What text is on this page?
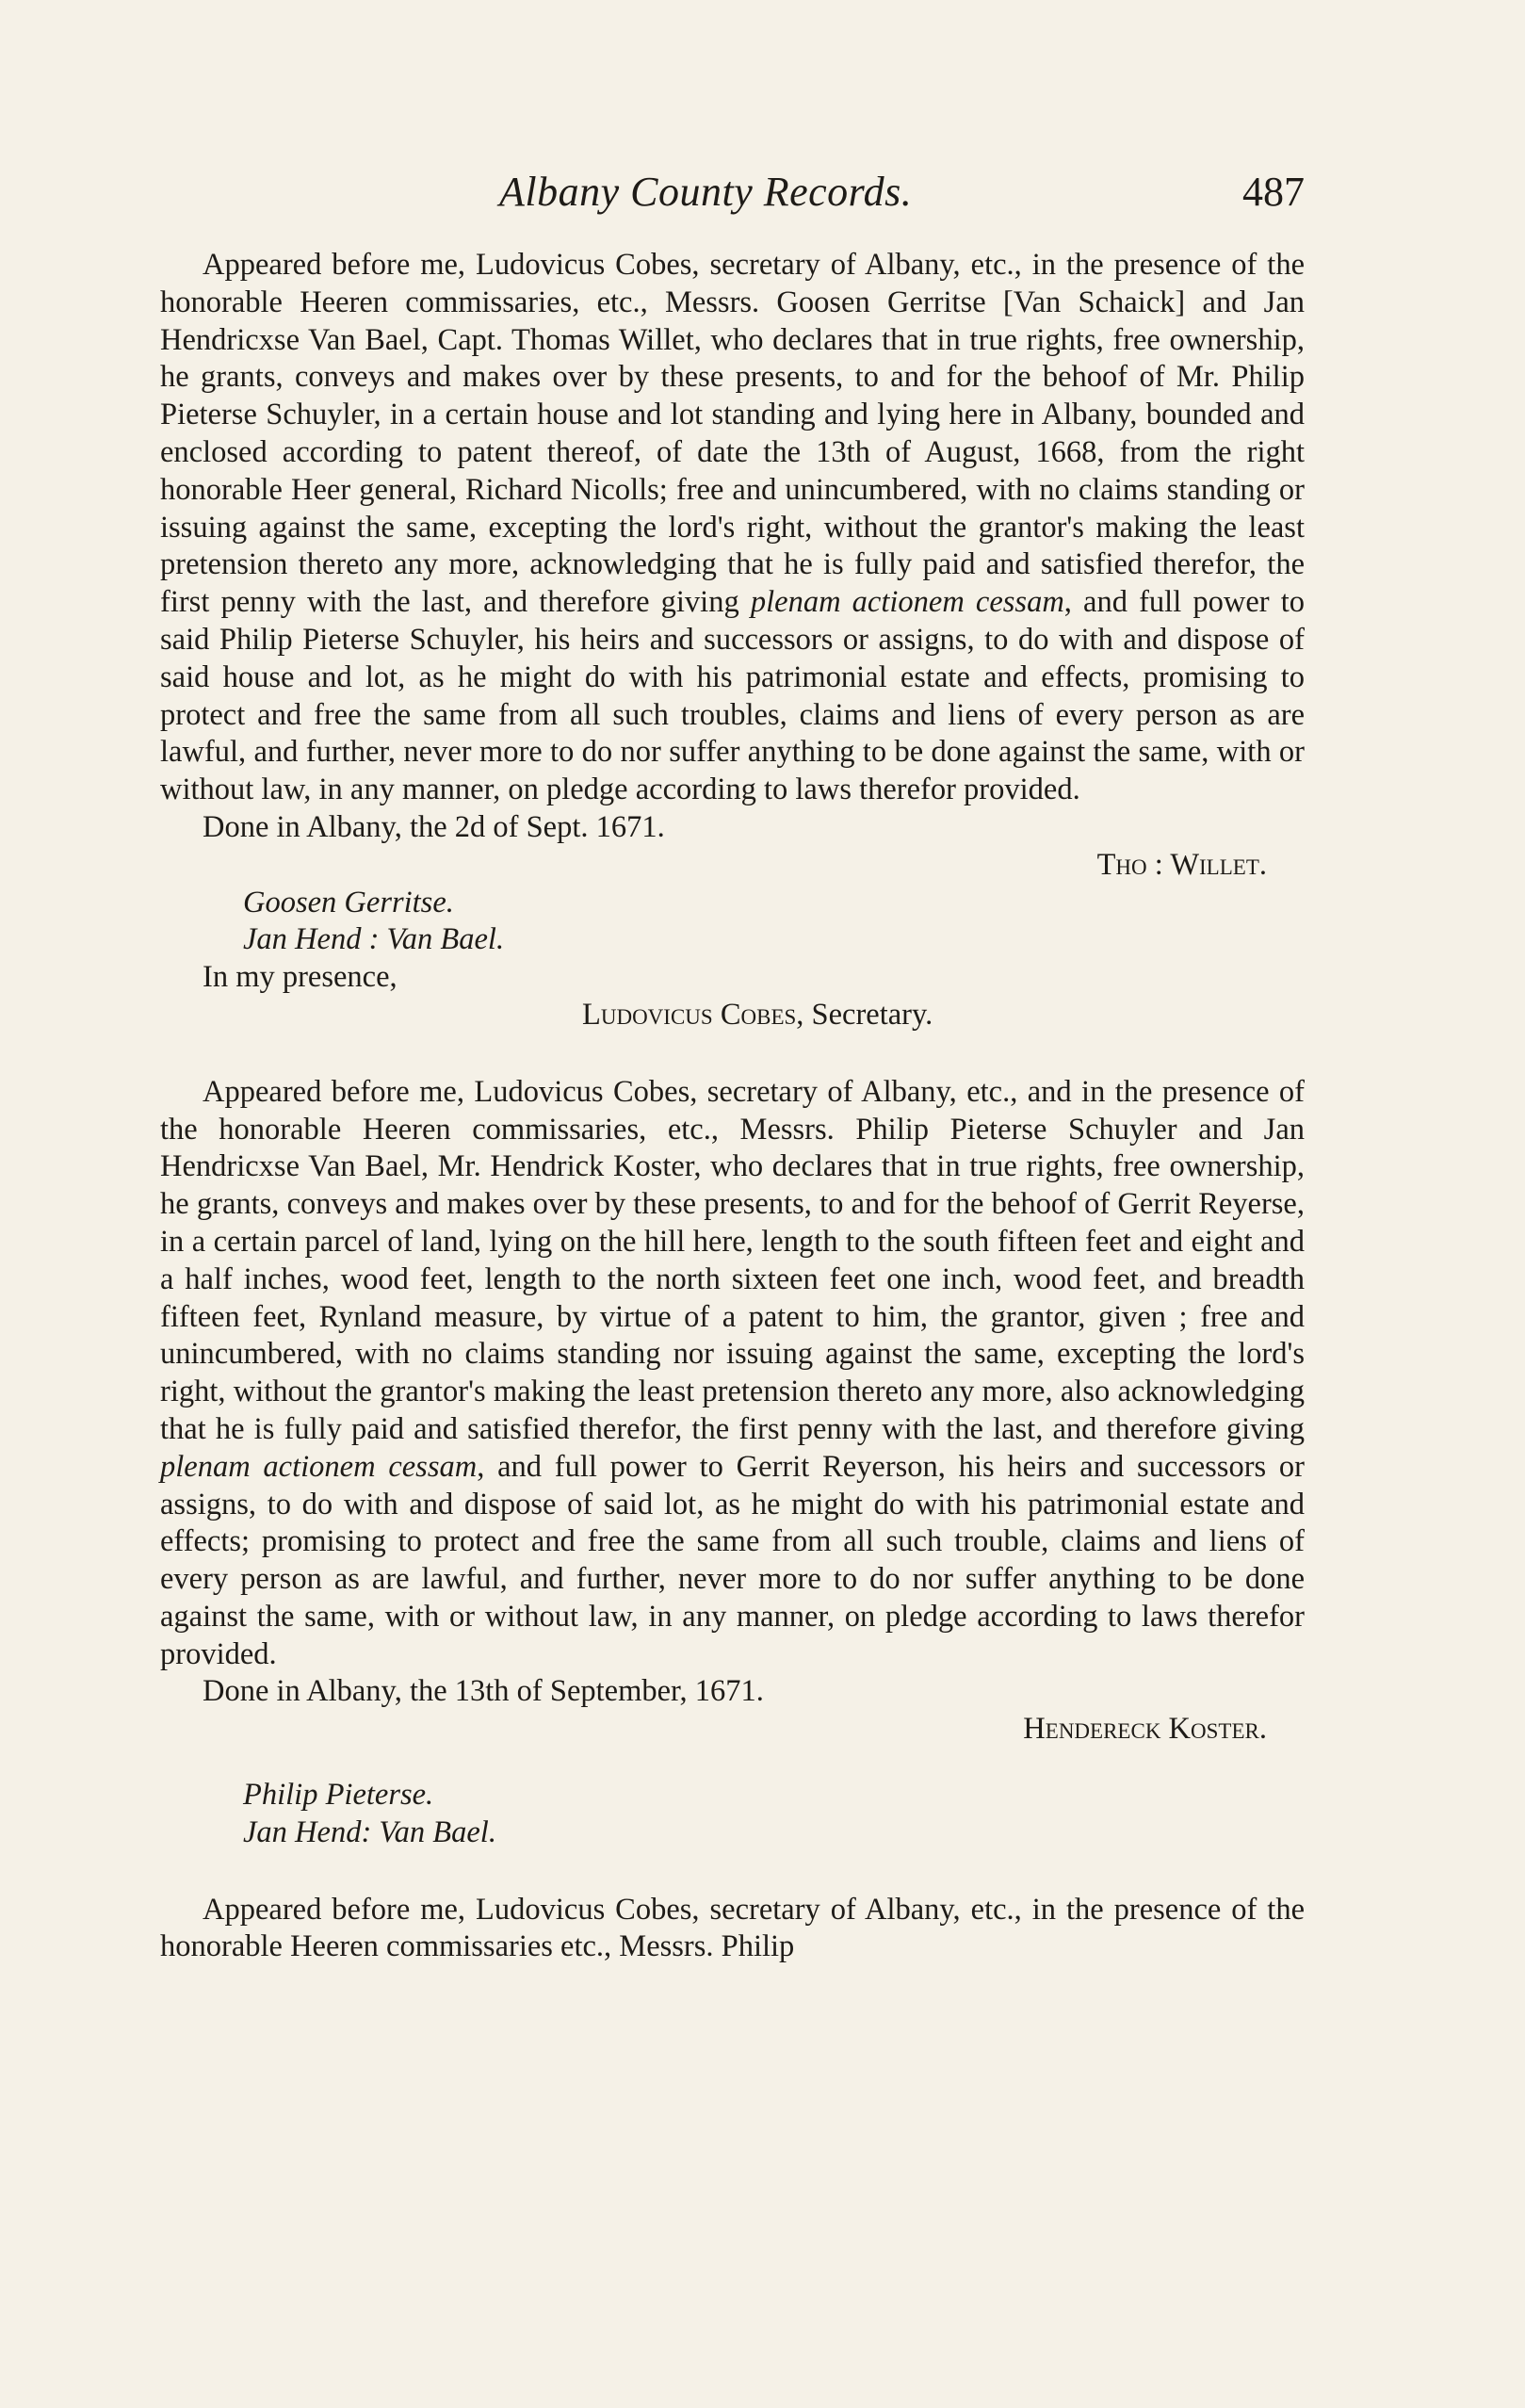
Albany County Records.	487

Appeared before me, Ludovicus Cobes, secretary of Albany, etc., in the presence of the honorable Heeren commissaries, etc., Messrs. Goosen Gerritse [Van Schaick] and Jan Hendricxse Van Bael, Capt. Thomas Willet, who declares that in true rights, free ownership, he grants, conveys and makes over by these presents, to and for the behoof of Mr. Philip Pieterse Schuyler, in a certain house and lot standing and lying here in Albany, bounded and enclosed according to patent thereof, of date the 13th of August, 1668, from the right honorable Heer general, Richard Nicolls; free and unincumbered, with no claims standing or issuing against the same, excepting the lord's right, without the grantor's making the least pretension thereto any more, acknowledging that he is fully paid and satisfied therefor, the first penny with the last, and therefore giving plenam actionem cessam, and full power to said Philip Pieterse Schuyler, his heirs and successors or assigns, to do with and dispose of said house and lot, as he might do with his patrimonial estate and effects, promising to protect and free the same from all such troubles, claims and liens of every person as are lawful, and further, never more to do nor suffer anything to be done against the same, with or without law, in any manner, on pledge according to laws therefor provided.

Done in Albany, the 2d of Sept. 1671.

Tho : Willet.

Goosen Gerritse.

Jan Hend : Van Bael.

In my presence,

Ludovicus Cobes, Secretary.

Appeared before me, Ludovicus Cobes, secretary of Albany, etc., and in the presence of the honorable Heeren commissaries, etc., Messrs. Philip Pieterse Schuyler and Jan Hendricxse Van Bael, Mr. Hendrick Koster, who declares that in true rights, free ownership, he grants, conveys and makes over by these presents, to and for the behoof of Gerrit Reyerse, in a certain parcel of land, lying on the hill here, length to the south fifteen feet and eight and a half inches, wood feet, length to the north sixteen feet one inch, wood feet, and breadth fifteen feet, Rynland measure, by virtue of a patent to him, the grantor, given ; free and unincumbered, with no claims standing nor issuing against the same, excepting the lord's right, without the grantor's making the least pretension thereto any more, also acknowledging that he is fully paid and satisfied therefor, the first penny with the last, and therefore giving plenam actionem cessam, and full power to Gerrit Reyerson, his heirs and successors or assigns, to do with and dispose of said lot, as he might do with his patrimonial estate and effects; promising to protect and free the same from all such trouble, claims and liens of every person as are lawful, and further, never more to do nor suffer anything to be done against the same, with or without law, in any manner, on pledge according to laws therefor provided.

Done in Albany, the 13th of September, 1671.

Hendereck Koster.

Philip Pieterse.

Jan Hend: Van Bael.

Appeared before me, Ludovicus Cobes, secretary of Albany, etc., in the presence of the honorable Heeren commissaries etc., Messrs. Philip
